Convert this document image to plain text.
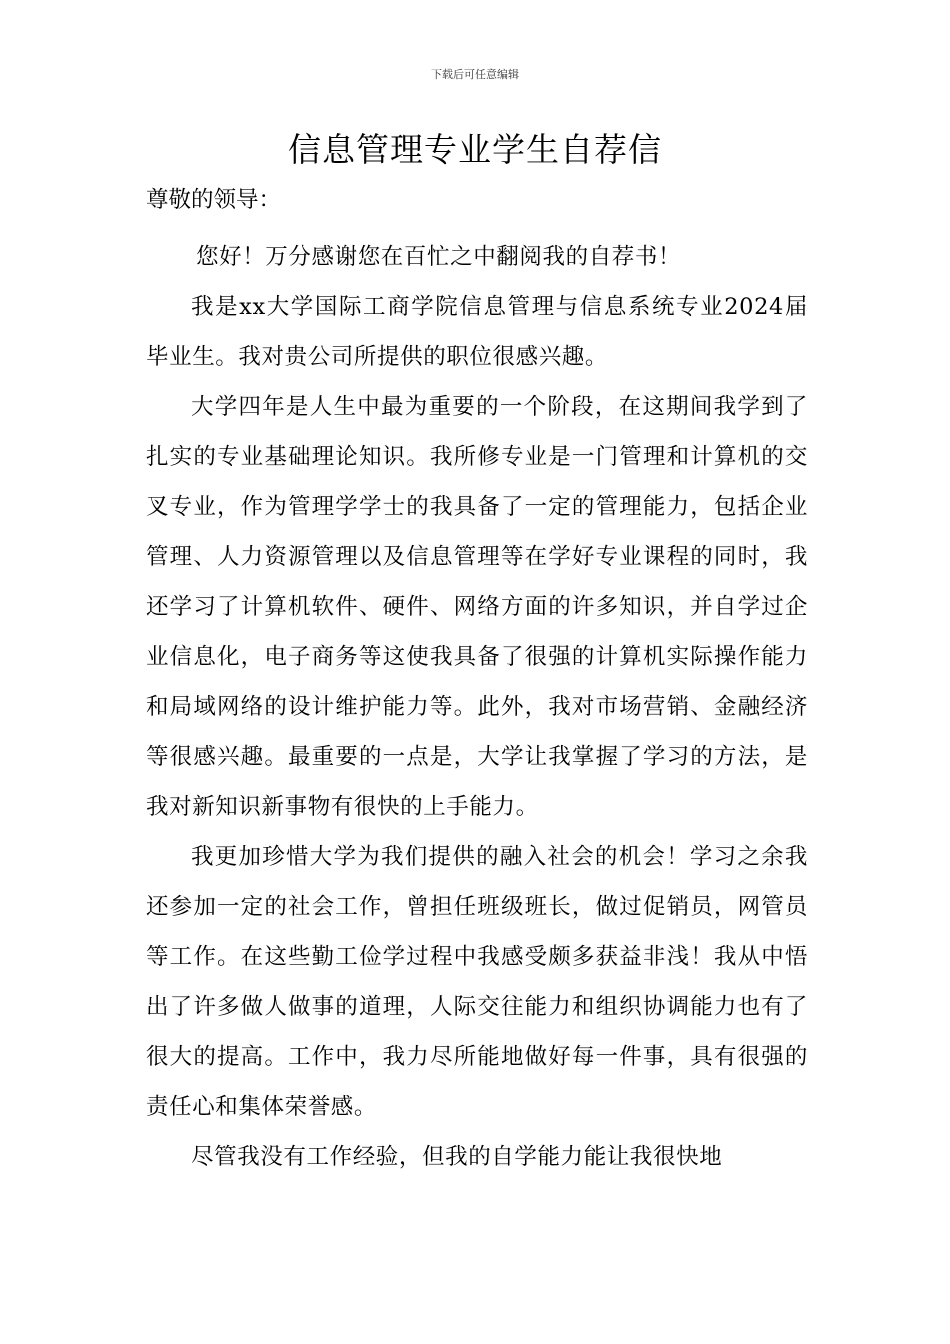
下载后可任意编辑
信息管理专业学生自荐信
尊敬的领导：

您好！万分感谢您在百忙之中翻阅我的自荐书！

我是xx大学国际工商学院信息管理与信息系统专业2024届毕业生。我对贵公司所提供的职位很感兴趣。

大学四年是人生中最为重要的一个阶段，在这期间我学到了扎实的专业基础理论知识。我所修专业是一门管理和计算机的交叉专业，作为管理学学士的我具备了一定的管理能力，包括企业管理、人力资源管理以及信息管理等在学好专业课程的同时，我还学习了计算机软件、硬件、网络方面的许多知识，并自学过企业信息化，电子商务等这使我具备了很强的计算机实际操作能力和局域网络的设计维护能力等。此外，我对市场营销、金融经济等很感兴趣。最重要的一点是，大学让我掌握了学习的方法，是我对新知识新事物有很快的上手能力。

我更加珍惜大学为我们提供的融入社会的机会！学习之余我还参加一定的社会工作，曾担任班级班长，做过促销员，网管员等工作。在这些勤工俭学过程中我感受颇多获益非浅！我从中悟出了许多做人做事的道理，人际交往能力和组织协调能力也有了很大的提高。工作中，我力尽所能地做好每一件事，具有很强的责任心和集体荣誉感。

尽管我没有工作经验，但我的自学能力能让我很快地
